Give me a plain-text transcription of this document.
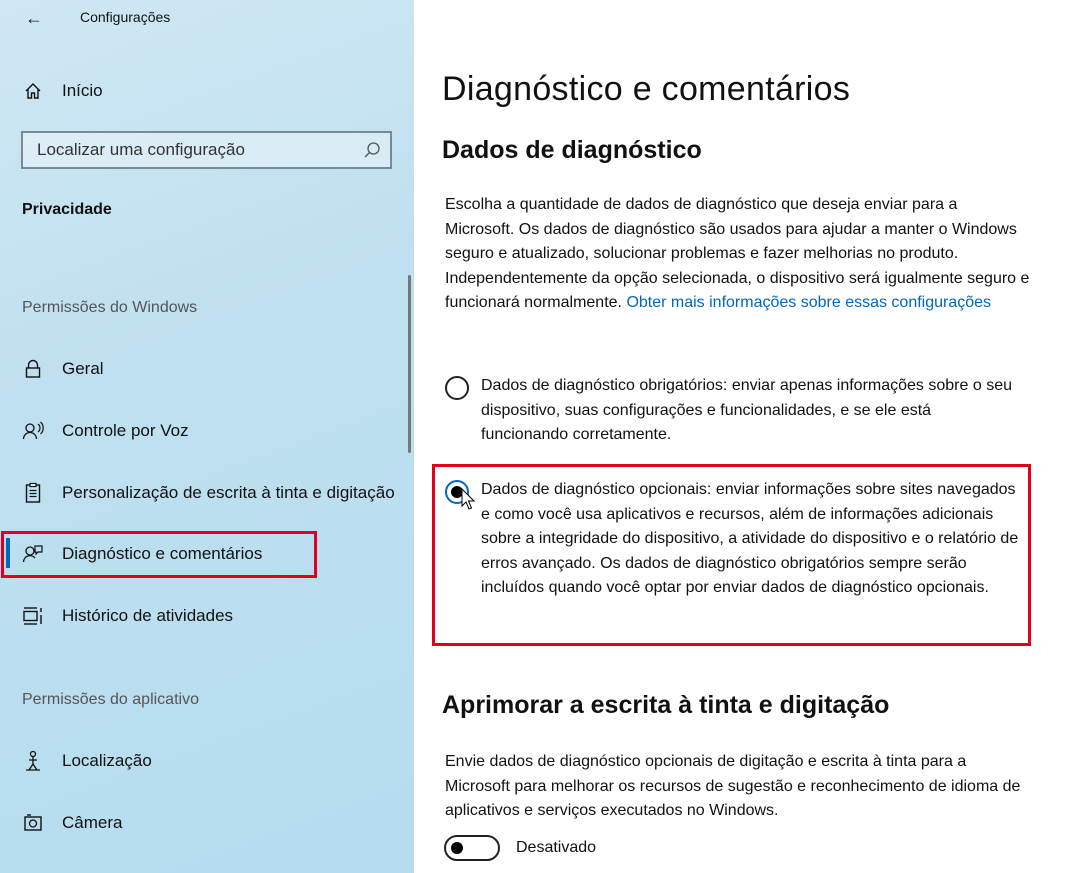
←	Configurações
Início
Localizar uma configuração
Privacidade
Permissões do Windows
Geral
Controle por Voz
Personalização de escrita à tinta e digitação
Diagnóstico e comentários
Histórico de atividades
Permissões do aplicativo
Localização
Câmera
Diagnóstico e comentários
Dados de diagnóstico

Escolha a quantidade de dados de diagnóstico que deseja enviar para a Microsoft. Os dados de diagnóstico são usados para ajudar a manter o Windows seguro e atualizado, solucionar problemas e fazer melhorias no produto. Independentemente da opção selecionada, o dispositivo será igualmente seguro e funcionará normalmente. Obter mais informações sobre essas configurações

Dados de diagnóstico obrigatórios: enviar apenas informações sobre o seu dispositivo, suas configurações e funcionalidades, e se ele está funcionando corretamente.
Dados de diagnóstico opcionais: enviar informações sobre sites navegados e como você usa aplicativos e recursos, além de informações adicionais sobre a integridade do dispositivo, a atividade do dispositivo e o relatório de erros avançado. Os dados de diagnóstico obrigatórios sempre serão incluídos quando você optar por enviar dados de diagnóstico opcionais.
Aprimorar a escrita à tinta e digitação

Envie dados de diagnóstico opcionais de digitação e escrita à tinta para a Microsoft para melhorar os recursos de sugestão e reconhecimento de idioma de aplicativos e serviços executados no Windows.

Desativado
